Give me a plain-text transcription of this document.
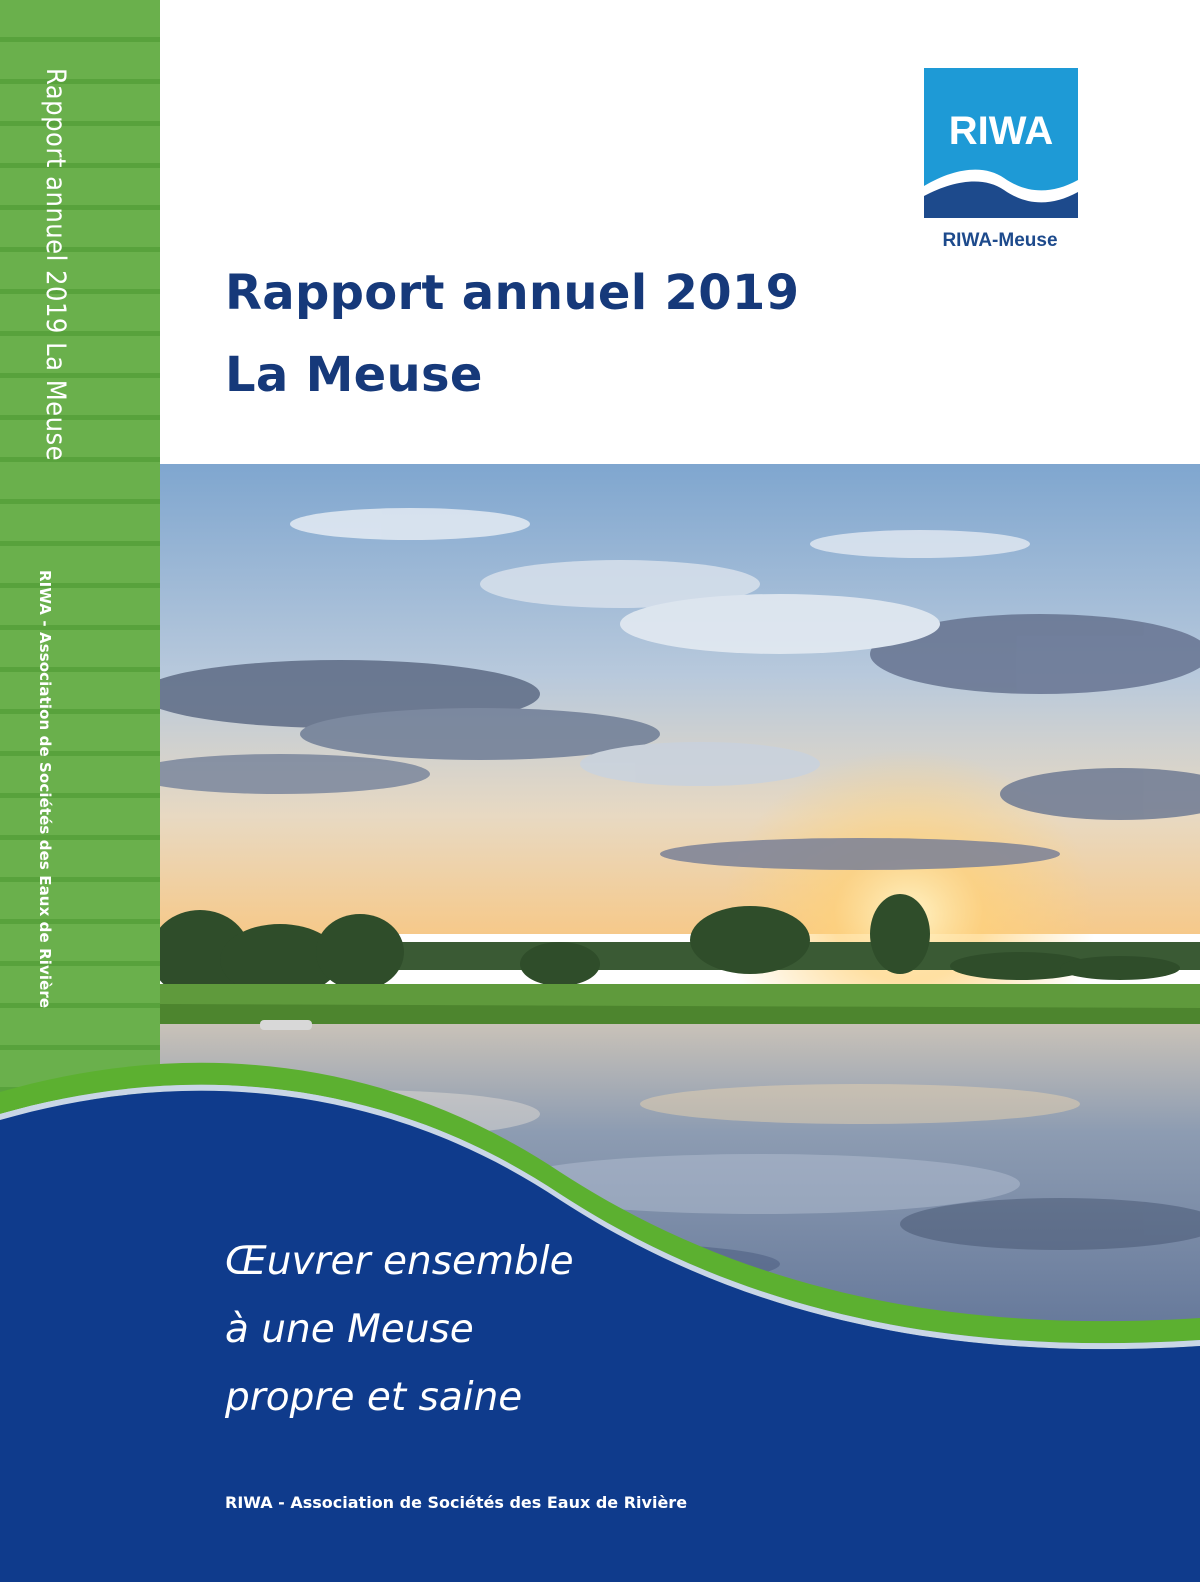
Rapport annuel 2019 La Meuse
RIWA - Association de Sociétés des Eaux de Rivière
RIWA
RIWA-Meuse
Rapport annuel 2019
La Meuse
Œuvrer ensemble
à une Meuse
propre et saine
RIWA - Association de Sociétés des Eaux de Rivière
